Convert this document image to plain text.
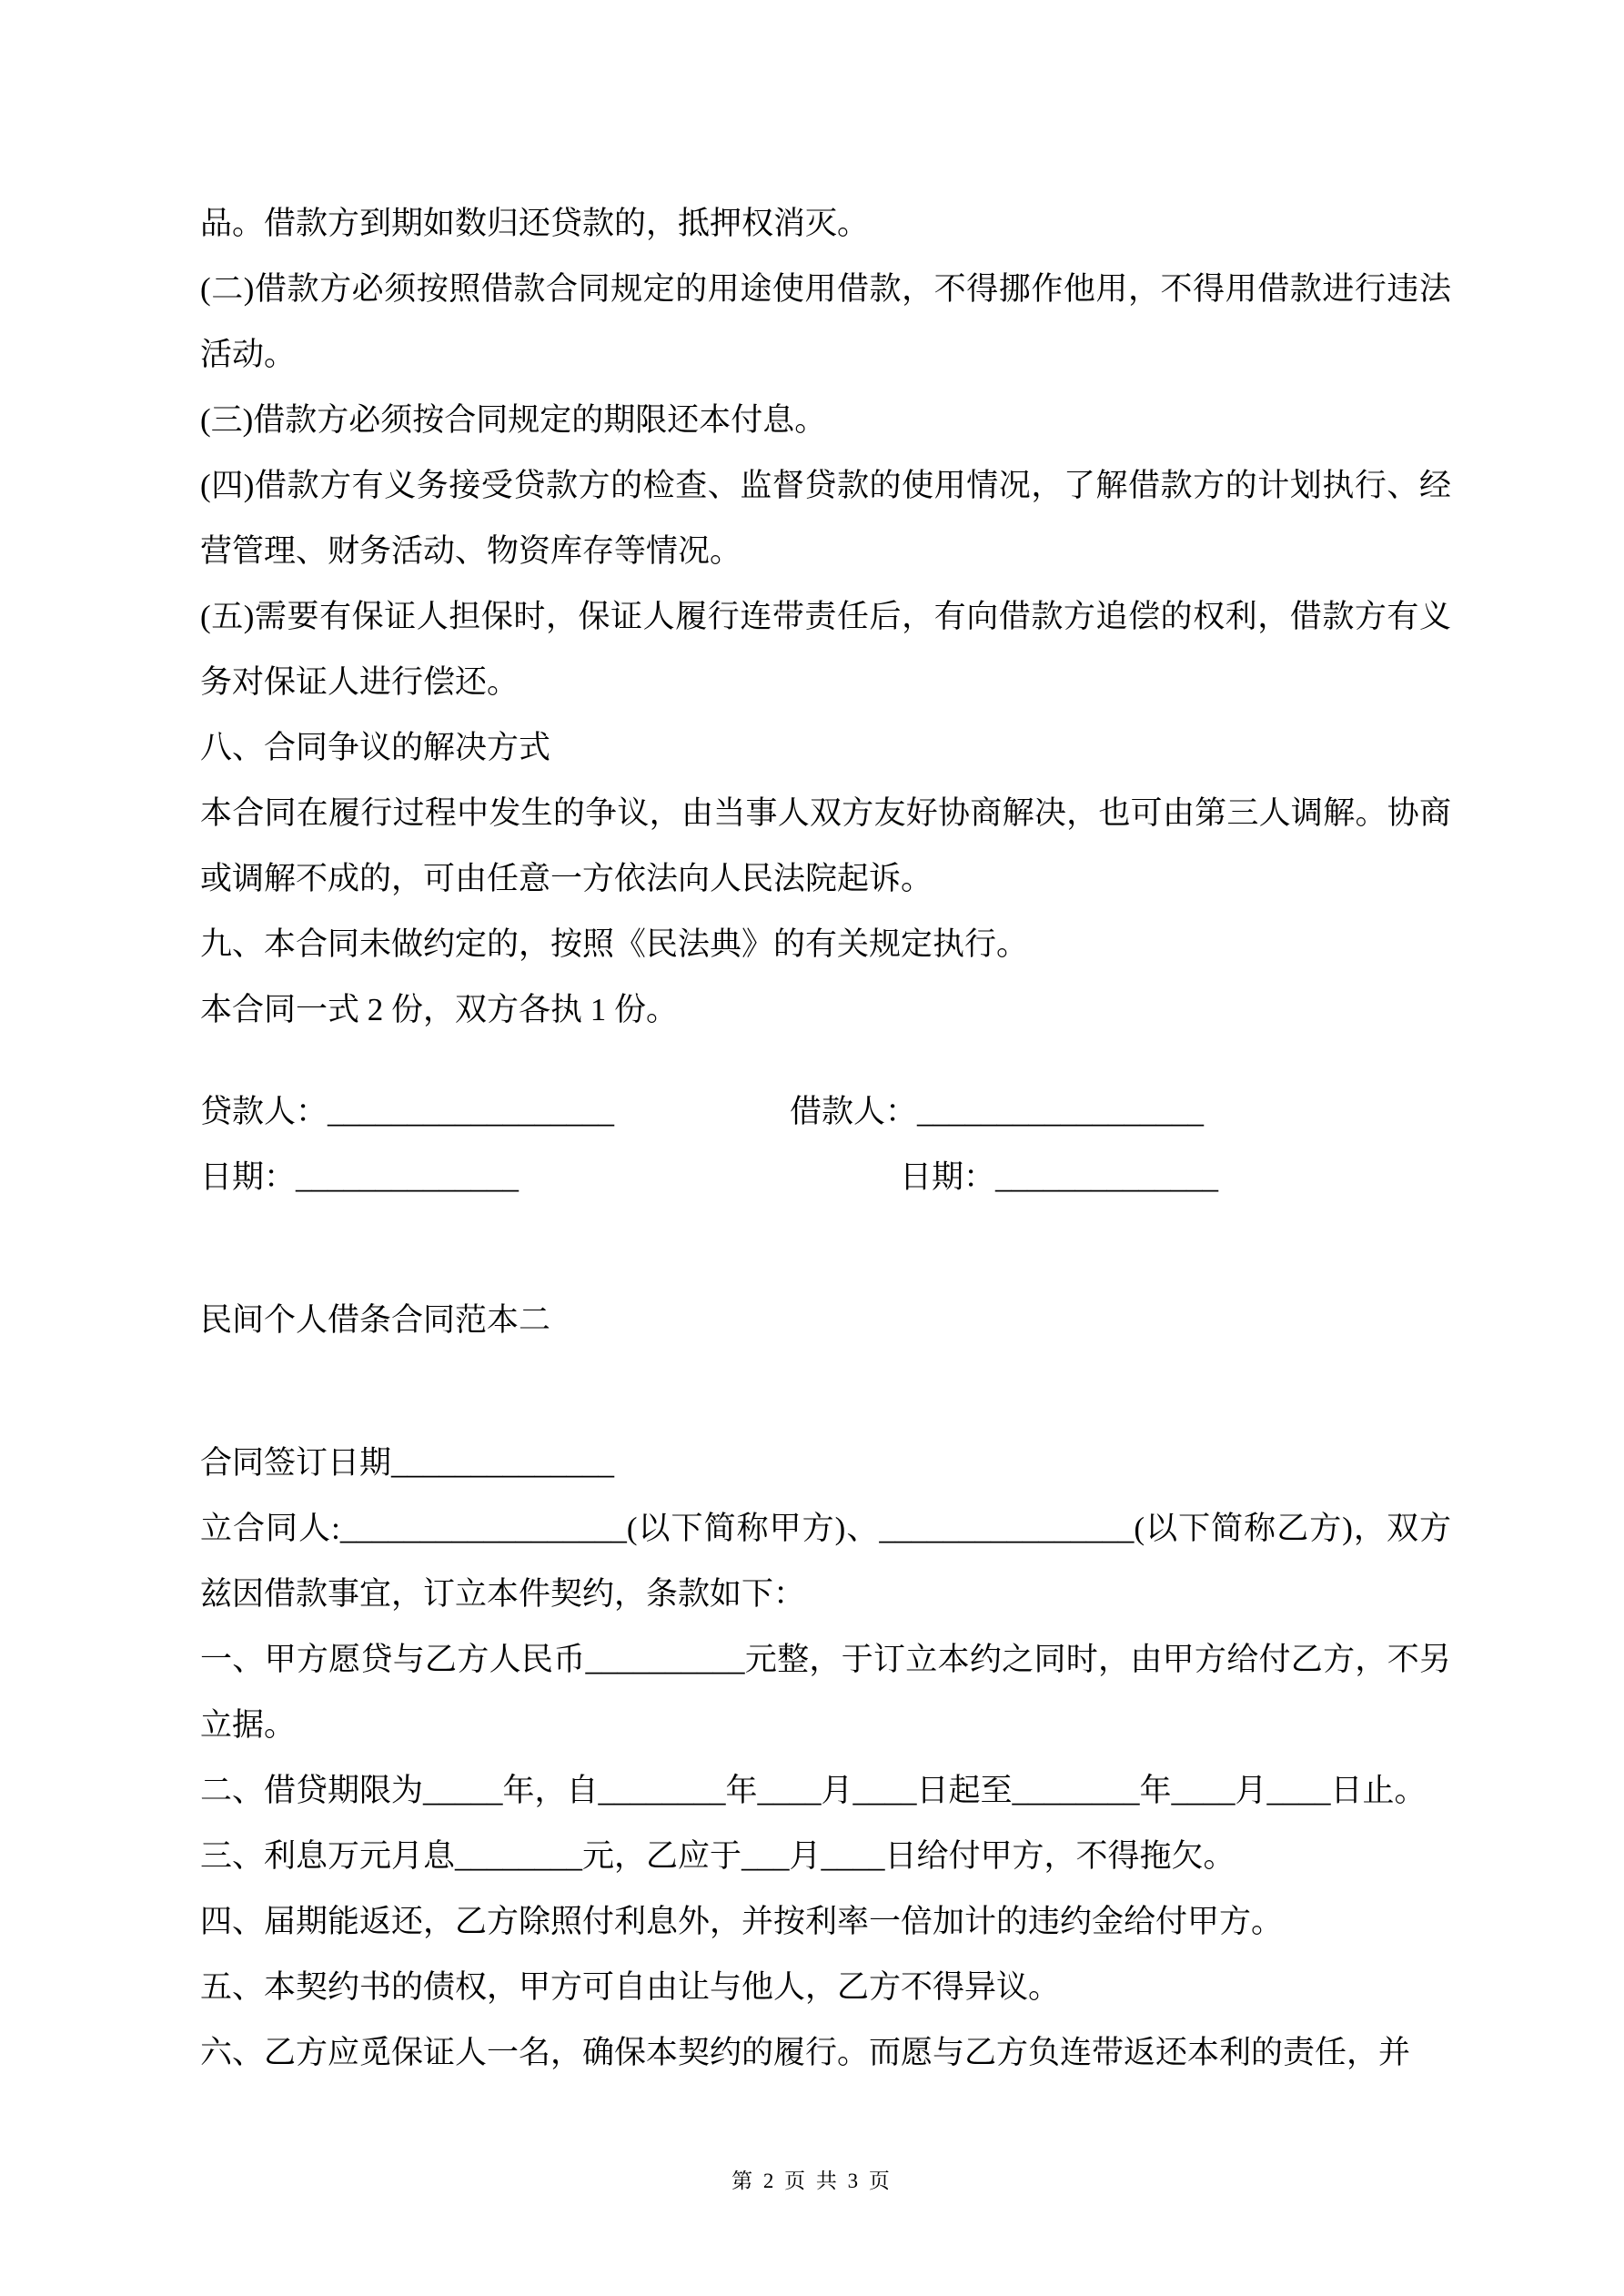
品。借款方到期如数归还贷款的，抵押权消灭。

(二)借款方必须按照借款合同规定的用途使用借款，不得挪作他用，不得用借款进行违法活动。

(三)借款方必须按合同规定的期限还本付息。

(四)借款方有义务接受贷款方的检查、监督贷款的使用情况，了解借款方的计划执行、经营管理、财务活动、物资库存等情况。

(五)需要有保证人担保时，保证人履行连带责任后，有向借款方追偿的权利，借款方有义务对保证人进行偿还。

八、合同争议的解决方式

本合同在履行过程中发生的争议，由当事人双方友好协商解决，也可由第三人调解。协商或调解不成的，可由任意一方依法向人民法院起诉。

九、本合同未做约定的，按照《民法典》的有关规定执行。

本合同一式 2 份，双方各执 1 份。

贷款人：__________________	借款人：__________________
日期：______________	日期：______________

民间个人借条合同范本二

合同签订日期______________

立合同人:__________________(以下简称甲方)、________________(以下简称乙方)，双方兹因借款事宜，订立本件契约，条款如下：

一、甲方愿贷与乙方人民币__________元整，于订立本约之同时，由甲方给付乙方，不另立据。

二、借贷期限为_____年，自________年____月____日起至________年____月____日止。

三、利息万元月息________元，乙应于___月____日给付甲方，不得拖欠。

四、届期能返还，乙方除照付利息外，并按利率一倍加计的违约金给付甲方。

五、本契约书的债权，甲方可自由让与他人，乙方不得异议。

六、乙方应觅保证人一名，确保本契约的履行。而愿与乙方负连带返还本利的责任，并

第 2 页 共 3 页
